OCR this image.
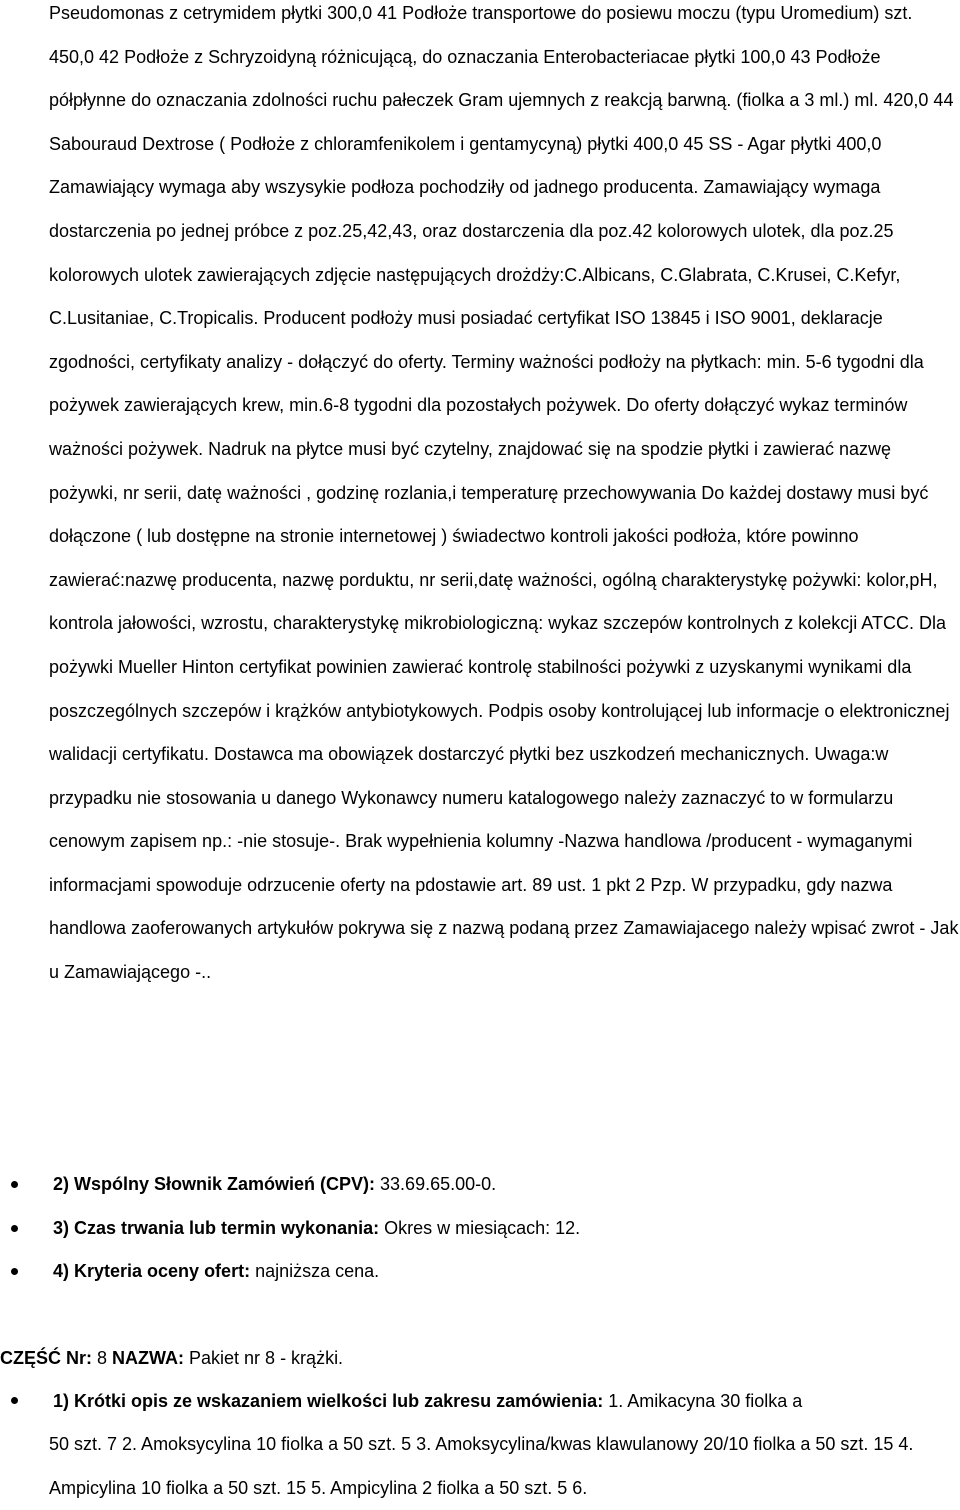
Pseudomonas z cetrymidem płytki 300,0 41 Podłoże transportowe do posiewu moczu (typu Uromedium) szt. 450,0 42 Podłoże z Schryzoidyną różnicującą, do oznaczania Enterobacteriacae płytki 100,0 43 Podłoże półpłynne do oznaczania zdolności ruchu pałeczek Gram ujemnych z reakcją barwną. (fiolka a 3 ml.) ml. 420,0 44 Sabouraud Dextrose ( Podłoże z chloramfenikolem i gentamycyną) płytki 400,0 45 SS - Agar płytki 400,0 Zamawiający wymaga aby wszysykie podłoza pochodziły od jadnego producenta. Zamawiający wymaga dostarczenia po jednej próbce z poz.25,42,43, oraz dostarczenia dla poz.42 kolorowych ulotek, dla poz.25 kolorowych ulotek zawierających zdjęcie następujących drożdży:C.Albicans, C.Glabrata, C.Krusei, C.Kefyr, C.Lusitaniae, C.Tropicalis. Producent podłoży musi posiadać certyfikat ISO 13845 i ISO 9001, deklaracje zgodności, certyfikaty analizy - dołączyć do oferty. Terminy ważności podłoży na płytkach: min. 5-6 tygodni dla pożywek zawierających krew, min.6-8 tygodni dla pozostałych pożywek. Do oferty dołączyć wykaz terminów ważności pożywek. Nadruk na płytce musi być czytelny, znajdować się na spodzie płytki i zawierać nazwę pożywki, nr serii, datę ważności , godzinę rozlania,i temperaturę przechowywania Do każdej dostawy musi być dołączone ( lub dostępne na stronie internetowej ) świadectwo kontroli jakości podłoża, które powinno zawierać:nazwę producenta, nazwę porduktu, nr serii,datę ważności, ogólną charakterystykę pożywki: kolor,pH, kontrola jałowości, wzrostu, charakterystykę mikrobiologiczną: wykaz szczepów kontrolnych z kolekcji ATCC. Dla pożywki Mueller Hinton certyfikat powinien zawierać kontrolę stabilności pożywki z uzyskanymi wynikami dla poszczególnych szczepów i krążków antybiotykowych. Podpis osoby kontrolującej lub informacje o elektronicznej walidacji certyfikatu. Dostawca ma obowiązek dostarczyć płytki bez uszkodzeń mechanicznych. Uwaga:w przypadku nie stosowania u danego Wykonawcy numeru katalogowego należy zaznaczyć to w formularzu cenowym zapisem np.: -nie stosuje-. Brak wypełnienia kolumny -Nazwa handlowa /producent - wymaganymi informacjami spowoduje odrzucenie oferty na pdostawie art. 89 ust. 1 pkt 2 Pzp. W przypadku, gdy nazwa handlowa zaoferowanych artykułów pokrywa się z nazwą podaną przez Zamawiajacego należy wpisać zwrot - Jak u Zamawiającego -..

2) Wspólny Słownik Zamówień (CPV): 33.69.65.00-0.
3) Czas trwania lub termin wykonania: Okres w miesiącach: 12.
4) Kryteria oceny ofert: najniższa cena.

CZĘŚĆ Nr: 8 NAZWA: Pakiet nr 8 - krążki.

1) Krótki opis ze wskazaniem wielkości lub zakresu zamówienia: 1. Amikacyna 30 fiolka a

50 szt. 7 2. Amoksycylina 10 fiolka a 50 szt. 5 3. Amoksycylina/kwas klawulanowy 20/10 fiolka a 50 szt. 15 4. Ampicylina 10 fiolka a 50 szt. 15 5. Ampicylina 2 fiolka a 50 szt. 5 6.
